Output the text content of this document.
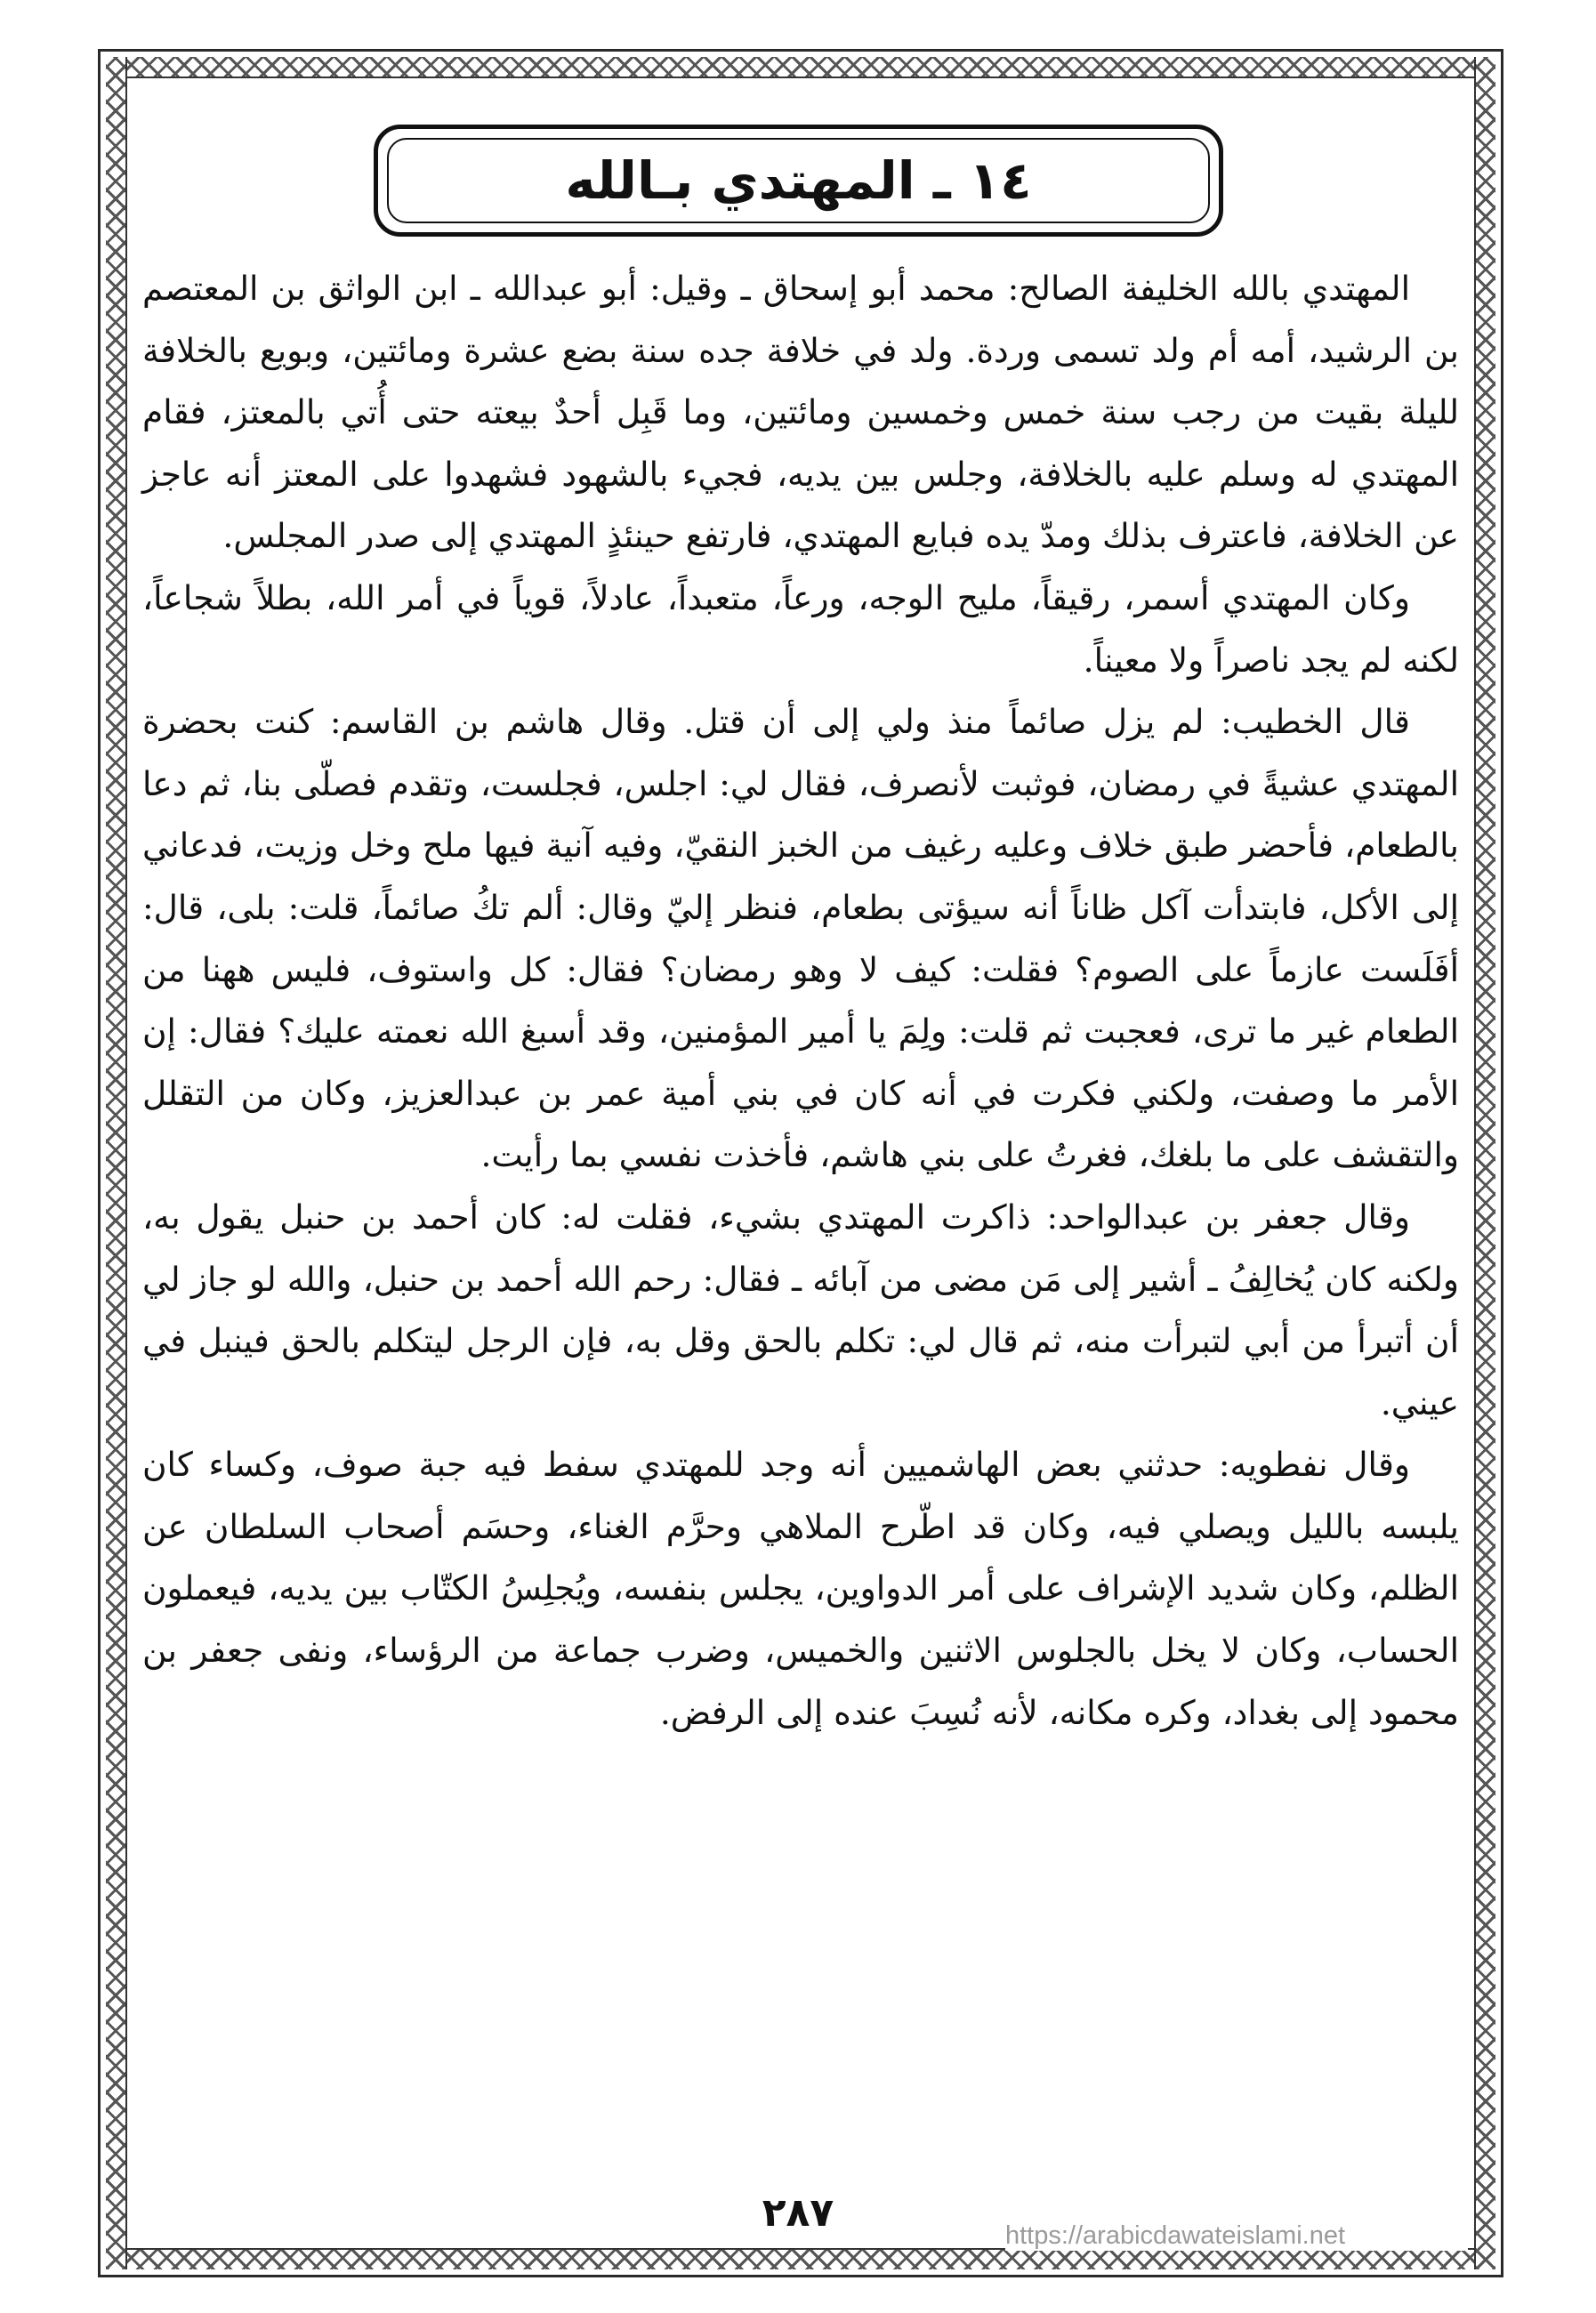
١٤ ـ المهتدي بـالله

المهتدي بالله الخليفة الصالح: محمد أبو إسحاق ـ وقيل: أبو عبدالله ـ ابن الواثق بن المعتصم بن الرشيد، أمه أم ولد تسمى وردة. ولد في خلافة جده سنة بضع عشرة ومائتين، وبويع بالخلافة لليلة بقيت من رجب سنة خمس وخمسين ومائتين، وما قَبِل أحدٌ بيعته حتى أُتي بالمعتز، فقام المهتدي له وسلم عليه بالخلافة، وجلس بين يديه، فجيء بالشهود فشهدوا على المعتز أنه عاجز عن الخلافة، فاعترف بذلك ومدّ يده فبايع المهتدي، فارتفع حينئذٍ المهتدي إلى صدر المجلس.

وكان المهتدي أسمر، رقيقاً، مليح الوجه، ورعاً، متعبداً، عادلاً، قوياً في أمر الله، بطلاً شجاعاً، لكنه لم يجد ناصراً ولا معيناً.

قال الخطيب: لم يزل صائماً منذ ولي إلى أن قتل. وقال هاشم بن القاسم: كنت بحضرة المهتدي عشيةً في رمضان، فوثبت لأنصرف، فقال لي: اجلس، فجلست، وتقدم فصلّى بنا، ثم دعا بالطعام، فأحضر طبق خلاف وعليه رغيف من الخبز النقيّ، وفيه آنية فيها ملح وخل وزيت، فدعاني إلى الأكل، فابتدأت آكل ظاناً أنه سيؤتى بطعام، فنظر إليّ وقال: ألم تكُ صائماً، قلت: بلى، قال: أفَلَست عازماً على الصوم؟ فقلت: كيف لا وهو رمضان؟ فقال: كل واستوف، فليس ههنا من الطعام غير ما ترى، فعجبت ثم قلت: ولِمَ يا أمير المؤمنين، وقد أسبغ الله نعمته عليك؟ فقال: إن الأمر ما وصفت، ولكني فكرت في أنه كان في بني أمية عمر بن عبدالعزيز، وكان من التقلل والتقشف على ما بلغك، فغرتُ على بني هاشم، فأخذت نفسي بما رأيت.

وقال جعفر بن عبدالواحد: ذاكرت المهتدي بشيء، فقلت له: كان أحمد بن حنبل يقول به، ولكنه كان يُخالِفُ ـ أشير إلى مَن مضى من آبائه ـ فقال: رحم الله أحمد بن حنبل، والله لو جاز لي أن أتبرأ من أبي لتبرأت منه، ثم قال لي: تكلم بالحق وقل به، فإن الرجل ليتكلم بالحق فينبل في عيني.

وقال نفطويه: حدثني بعض الهاشميين أنه وجد للمهتدي سفط فيه جبة صوف، وكساء كان يلبسه بالليل ويصلي فيه، وكان قد اطّرح الملاهي وحرَّم الغناء، وحسَم أصحاب السلطان عن الظلم، وكان شديد الإشراف على أمر الدواوين، يجلس بنفسه، ويُجلِسُ الكتّاب بين يديه، فيعملون الحساب، وكان لا يخل بالجلوس الاثنين والخميس، وضرب جماعة من الرؤساء، ونفى جعفر بن محمود إلى بغداد، وكره مكانه، لأنه نُسِبَ عنده إلى الرفض.

٢٨٧	https://arabicdawateislami.net
